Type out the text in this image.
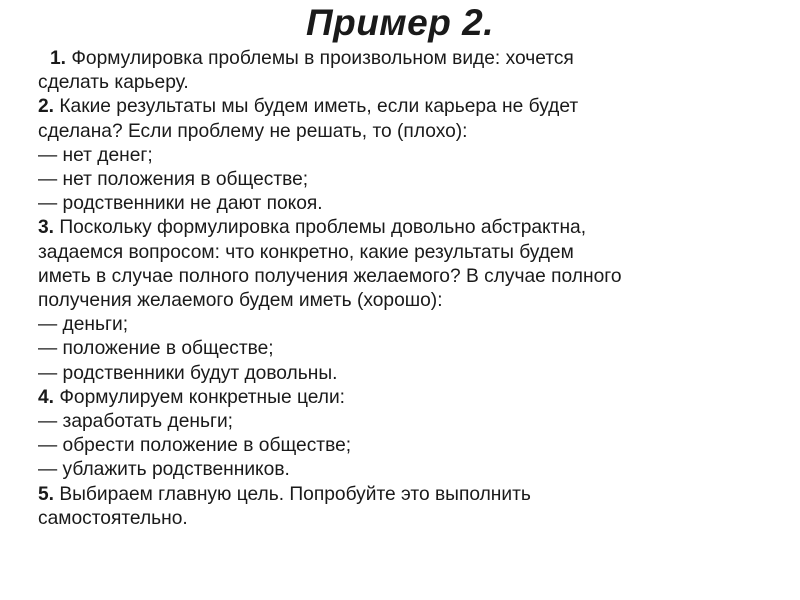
Пример 2.
1. Формулировка проблемы в произвольном виде: хочется
сделать карьеру.
2. Какие результаты мы будем иметь, если карьера не будет
сделана? Если проблему не решать, то (плохо):
— нет денег;
— нет положения в обществе;
— родственники не дают покоя.
3. Поскольку формулировка проблемы довольно абстрактна,
задаемся вопросом: что конкретно, какие результаты будем
иметь в случае полного получения желаемого? В случае полного
получения желаемого будем иметь (хорошо):
— деньги;
— положение в обществе;
— родственники будут довольны.
4. Формулируем конкретные цели:
— заработать деньги;
— обрести положение в обществе;
— ублажить родственников.
5. Выбираем главную цель. Попробуйте это выполнить
самостоятельно.
